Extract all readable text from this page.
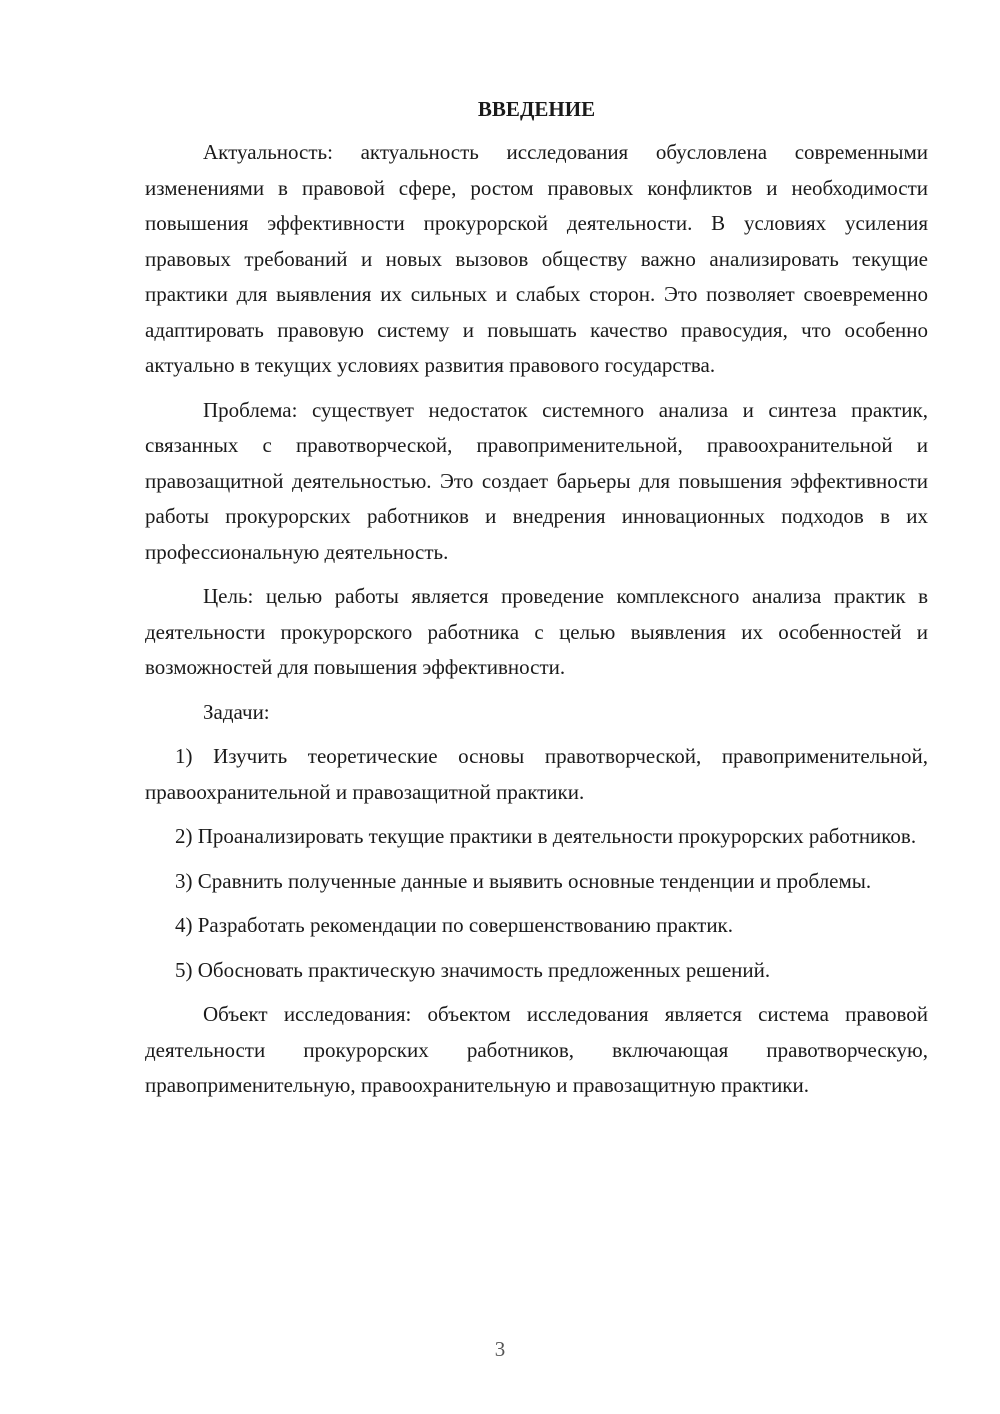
ВВЕДЕНИЕ

Актуальность: актуальность исследования обусловлена современными изменениями в правовой сфере, ростом правовых конфликтов и необходимости повышения эффективности прокурорской деятельности. В условиях усиления правовых требований и новых вызовов обществу важно анализировать текущие практики для выявления их сильных и слабых сторон. Это позволяет своевременно адаптировать правовую систему и повышать качество правосудия, что особенно актуально в текущих условиях развития правового государства.

Проблема: существует недостаток системного анализа и синтеза практик, связанных с правотворческой, правоприменительной, правоохранительной и правозащитной деятельностью. Это создает барьеры для повышения эффективности работы прокурорских работников и внедрения инновационных подходов в их профессиональную деятельность.

Цель: целью работы является проведение комплексного анализа практик в деятельности прокурорского работника с целью выявления их особенностей и возможностей для повышения эффективности.

Задачи:

1) Изучить теоретические основы правотворческой, правоприменительной, правоохранительной и правозащитной практики.

2) Проанализировать текущие практики в деятельности прокурорских работников.

3) Сравнить полученные данные и выявить основные тенденции и проблемы.

4) Разработать рекомендации по совершенствованию практик.

5) Обосновать практическую значимость предложенных решений.

Объект исследования: объектом исследования является система правовой деятельности прокурорских работников, включающая правотворческую, правоприменительную, правоохранительную и правозащитную практики.

3
